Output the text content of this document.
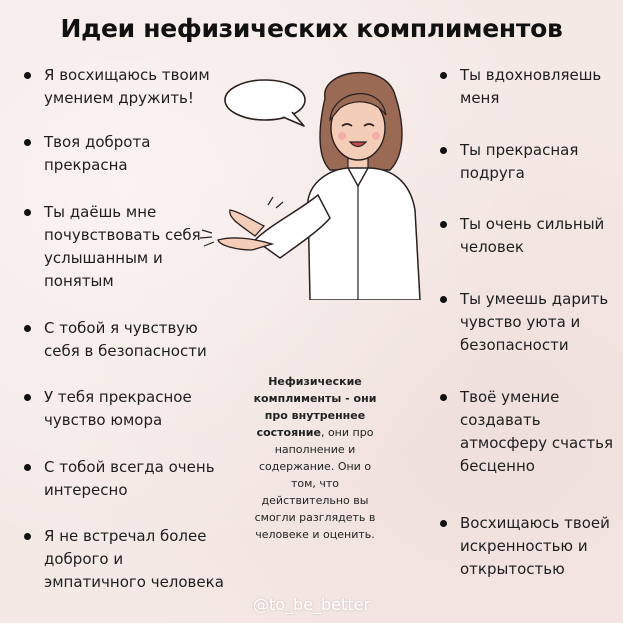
Идеи нефизических комплиментов
Я восхищаюсь твоим
умением дружить!
Твоя доброта
прекрасна
Ты даёшь мне
почувствовать себя
услышанным и
понятым
С тобой я чувствую
себя в безопасности
У тебя прекрасное
чувство юмора
С тобой всегда очень
интересно
Я не встречал более
доброго и
эмпатичного человека
Ты вдохновляешь
меня
Ты прекрасная
подруга
Ты очень сильный
человек
Ты умеешь дарить
чувство уюта и
безопасности
Твоё умение
создавать
атмосферу счастья
бесценно
Восхищаюсь твоей
искренностью и
открытостью
Нефизические
комплименты - они
про внутреннее
состояние, они про
наполнение и
содержание. Они о
том, что
действительно вы
смогли разглядеть в
человеке и оценить.
@to_be_better
